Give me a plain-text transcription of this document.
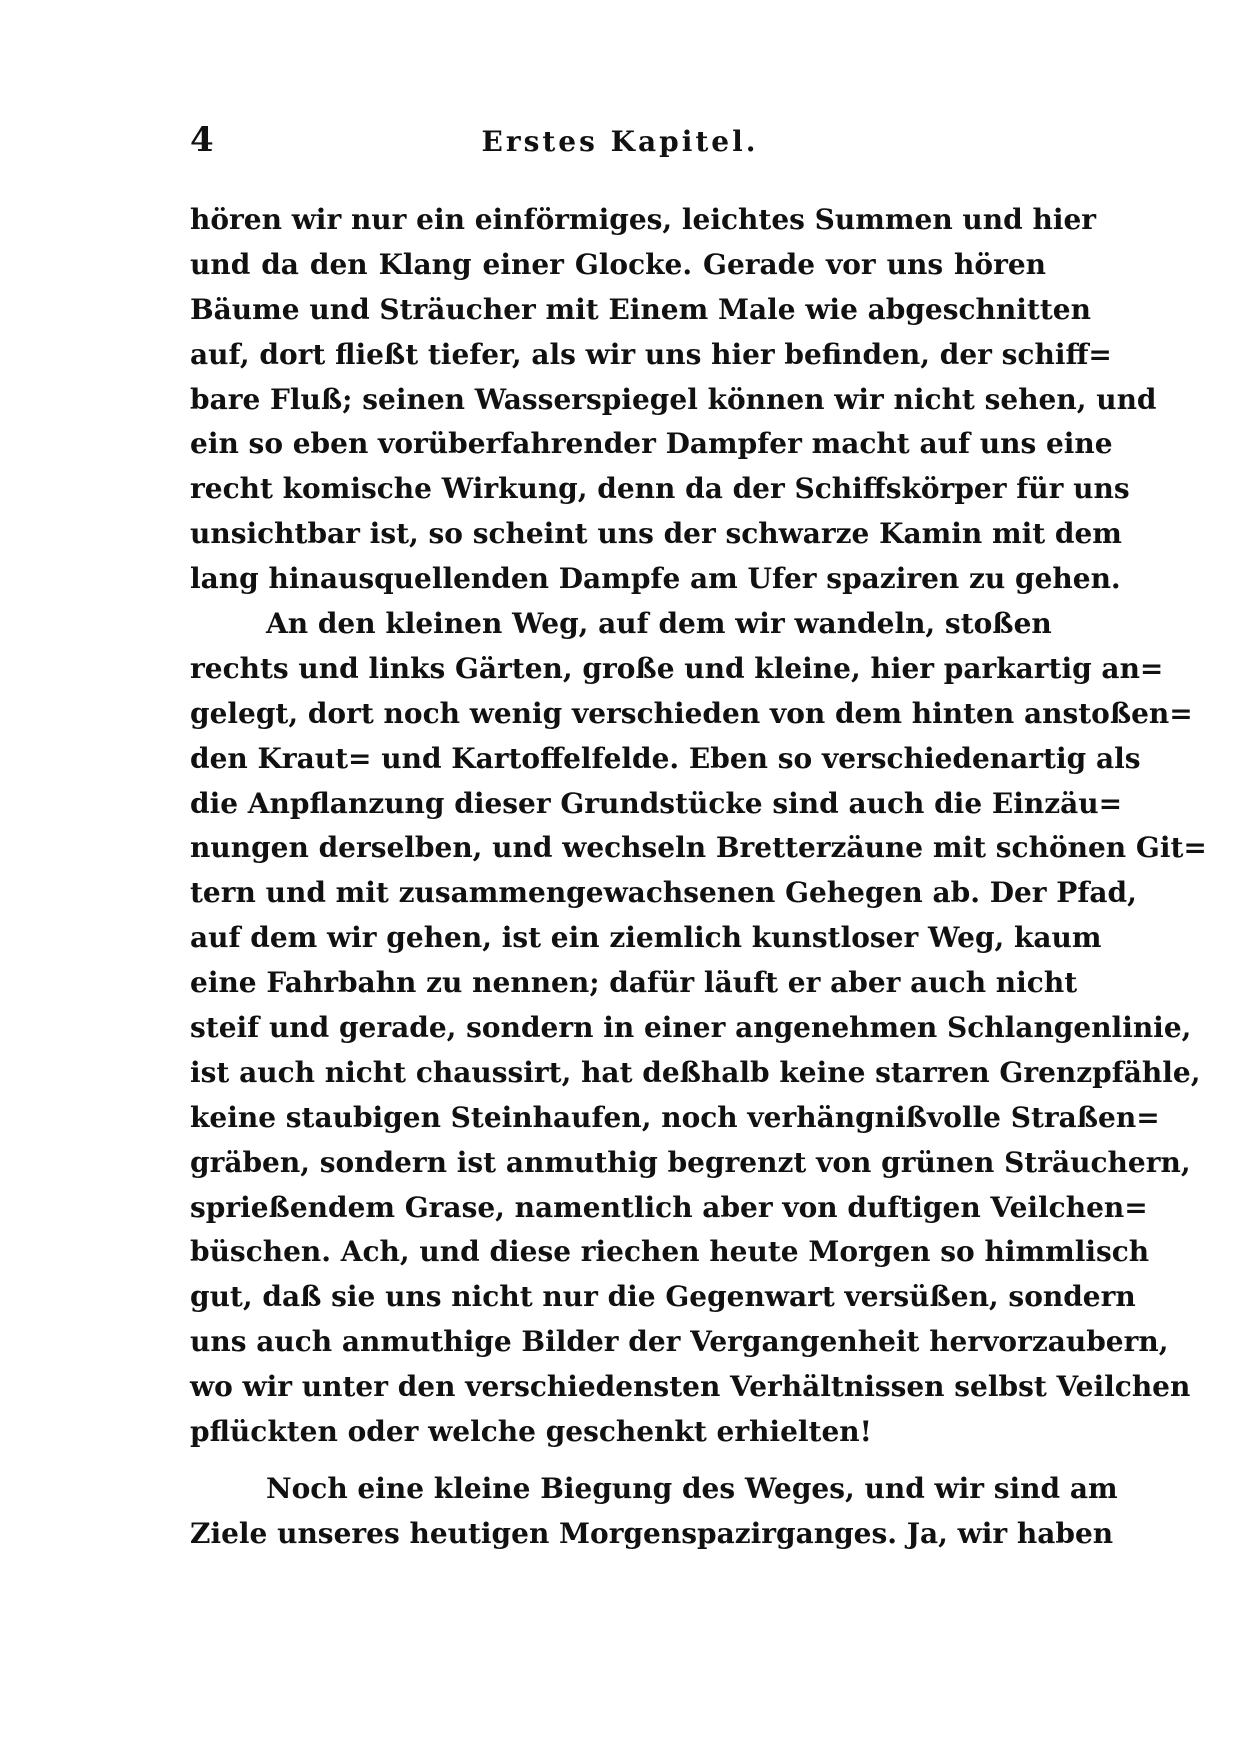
4	Erstes Kapitel.
hören wir nur ein einförmiges, leichtes Summen und hier
und da den Klang einer Glocke. Gerade vor uns hören
Bäume und Sträucher mit Einem Male wie abgeschnitten
auf, dort fließt tiefer, als wir uns hier befinden, der schiff=
bare Fluß; seinen Wasserspiegel können wir nicht sehen, und
ein so eben vorüberfahrender Dampfer macht auf uns eine
recht komische Wirkung, denn da der Schiffskörper für uns
unsichtbar ist, so scheint uns der schwarze Kamin mit dem
lang hinausquellenden Dampfe am Ufer spaziren zu gehen.
An den kleinen Weg, auf dem wir wandeln, stoßen
rechts und links Gärten, große und kleine, hier parkartig an=
gelegt, dort noch wenig verschieden von dem hinten anstoßen=
den Kraut= und Kartoffelfelde. Eben so verschiedenartig als
die Anpflanzung dieser Grundstücke sind auch die Einzäu=
nungen derselben, und wechseln Bretterzäune mit schönen Git=
tern und mit zusammengewachsenen Gehegen ab. Der Pfad,
auf dem wir gehen, ist ein ziemlich kunstloser Weg, kaum
eine Fahrbahn zu nennen; dafür läuft er aber auch nicht
steif und gerade, sondern in einer angenehmen Schlangenlinie,
ist auch nicht chaussirt, hat deßhalb keine starren Grenzpfähle,
keine staubigen Steinhaufen, noch verhängnißvolle Straßen=
gräben, sondern ist anmuthig begrenzt von grünen Sträuchern,
sprießendem Grase, namentlich aber von duftigen Veilchen=
büschen. Ach, und diese riechen heute Morgen so himmlisch
gut, daß sie uns nicht nur die Gegenwart versüßen, sondern
uns auch anmuthige Bilder der Vergangenheit hervorzaubern,
wo wir unter den verschiedensten Verhältnissen selbst Veilchen
pflückten oder welche geschenkt erhielten!
Noch eine kleine Biegung des Weges, und wir sind am
Ziele unseres heutigen Morgenspazirganges. Ja, wir haben
